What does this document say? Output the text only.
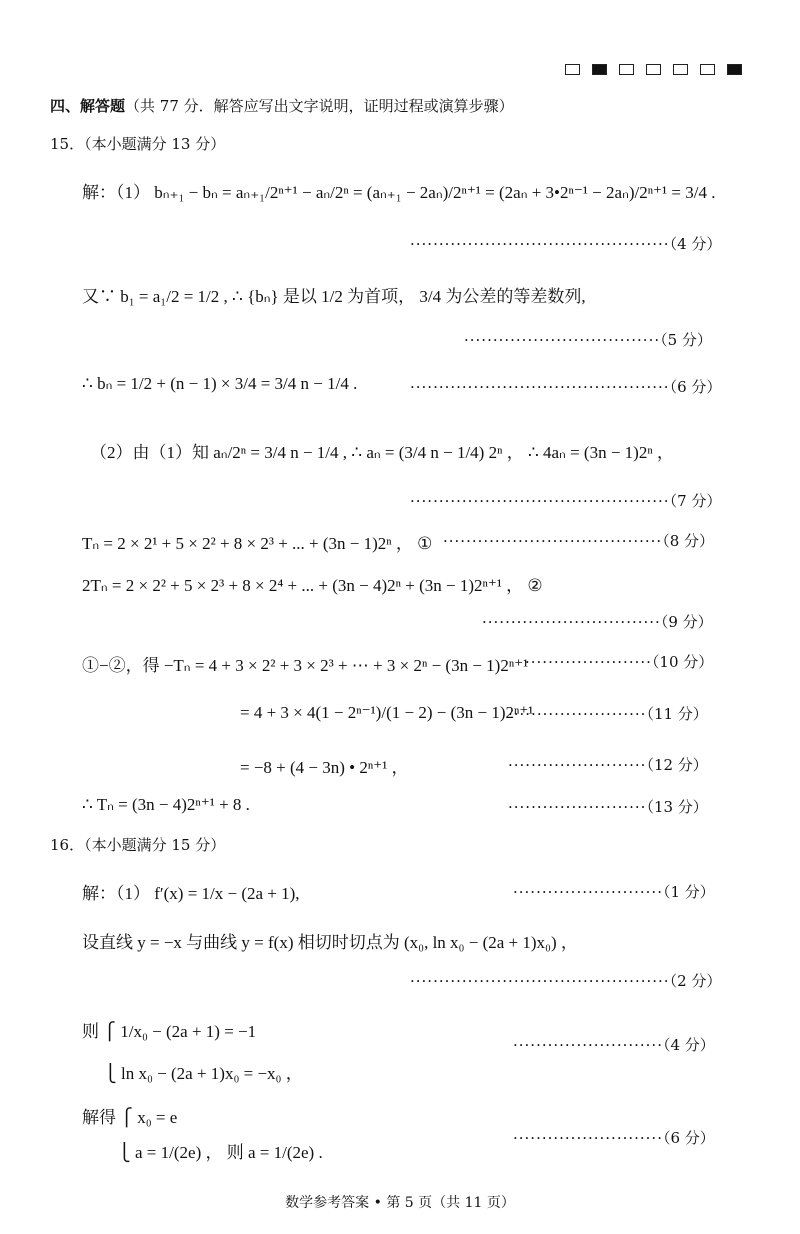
四、解答题（共 77 分．解答应写出文字说明，证明过程或演算步骤）
15．（本小题满分 13 分）
解：（1） bₙ₊₁ − bₙ = aₙ₊₁/2ⁿ⁺¹ − aₙ/2ⁿ = (aₙ₊₁ − 2aₙ)/2ⁿ⁺¹ = (2aₙ + 3•2ⁿ⁻¹ − 2aₙ)/2ⁿ⁺¹ = 3/4 .
·············································（4 分）
又∵ b₁ = a₁/2 = 1/2 , ∴ {bₙ} 是以 1/2 为首项， 3/4 为公差的等差数列,
··································（5 分）
∴ bₙ = 1/2 + (n − 1) × 3/4 = 3/4 n − 1/4 .	·············································（6 分）
（2）由（1）知 aₙ/2ⁿ = 3/4 n − 1/4 , ∴ aₙ = (3/4 n − 1/4) 2ⁿ ， ∴ 4aₙ = (3n − 1)2ⁿ ，
·············································（7 分）
Tₙ = 2 × 2¹ + 5 × 2² + 8 × 2³ + ... + (3n − 1)2ⁿ ， ① ······································（8 分）
2Tₙ = 2 × 2² + 5 × 2³ + 8 × 2⁴ + ... + (3n − 4)2ⁿ + (3n − 1)2ⁿ⁺¹ ， ②
·······························（9 分）
①−②，得 −Tₙ = 4 + 3 × 2² + 3 × 2³ + ⋯ + 3 × 2ⁿ − (3n − 1)2ⁿ⁺¹
······················（10 分）
= 4 + 3 × 4(1 − 2ⁿ⁻¹)/(1 − 2) − (3n − 1)2ⁿ⁺¹
························（11 分）
= −8 + (4 − 3n) • 2ⁿ⁺¹ ，	························（12 分）
∴ Tₙ = (3n − 4)2ⁿ⁺¹ + 8 .	························（13 分）
16．（本小题满分 15 分）
解：（1） f′(x) = 1/x − (2a + 1),	··························（1 分）
设直线 y = −x 与曲线 y = f(x) 相切时切点为 (x₀, ln x₀ − (2a + 1)x₀) ，
·············································（2 分）
则 ⎧ 1/x₀ − (2a + 1) = −1
⎩ ln x₀ − (2a + 1)x₀ = −x₀ ，
··························（4 分）
解得 ⎧ x₀ = e
⎩ a = 1/(2e) ， 则 a = 1/(2e) .
··························（6 分）
数学参考答案 • 第 5 页（共 11 页）
